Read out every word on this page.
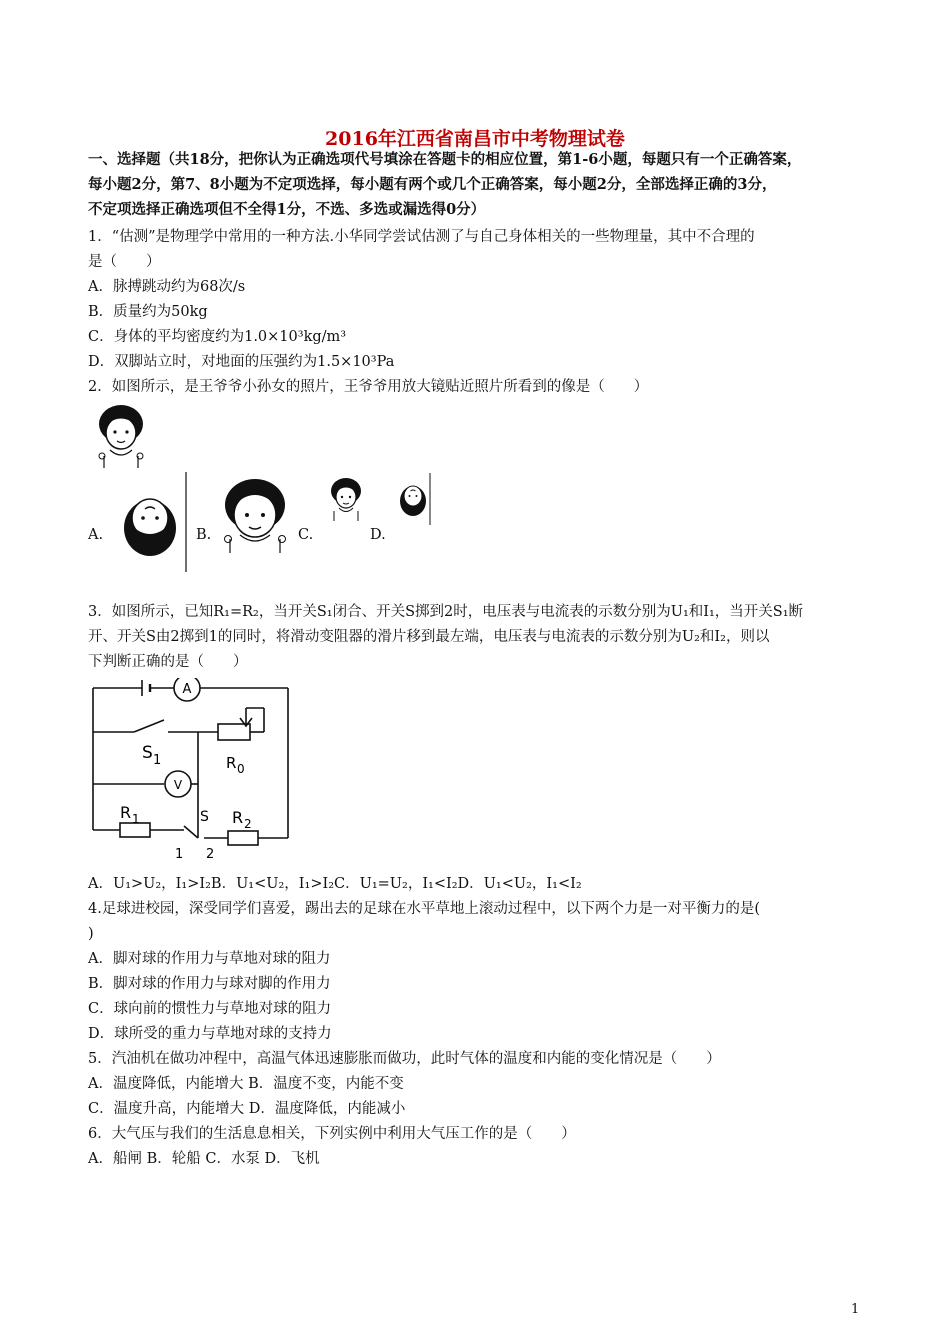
2016年江西省南昌市中考物理试卷
一、选择题（共18分，把你认为正确选项代号填涂在答题卡的相应位置，第1-6小题，每题只有一个正确答案，
每小题2分，第7、8小题为不定项选择，每小题有两个或几个正确答案，每小题2分，全部选择正确的3分，
不定项选择正确选项但不全得1分，不选、多选或漏选得0分）
1．“估测”是物理学中常用的一种方法.小华同学尝试估测了与自己身体相关的一些物理量，其中不合理的
是（　　）
A．脉搏跳动约为68次/s
B．质量约为50kg
C．身体的平均密度约为1.0×10³kg/m³
D．双脚站立时，对地面的压强约为1.5×10³Pa
2．如图所示，是王爷爷小孙女的照片，王爷爷用放大镜贴近照片所看到的像是（　　）
A.	B.	C.	D.
3．如图所示，已知R₁=R₂，当开关S₁闭合、开关S掷到2时，电压表与电流表的示数分别为U₁和I₁，当开关S₁断
开、开关S由2掷到1的同时，将滑动变阻器的滑片移到最左端，电压表与电流表的示数分别为U₂和I₂，则以
下判断正确的是（　　）
A
V
S 1	R 0
R 1	R 2
S
1 2
A．U₁>U₂，I₁>I₂B．U₁<U₂，I₁>I₂C．U₁=U₂，I₁<I₂D．U₁<U₂，I₁<I₂
4.足球进校园，深受同学们喜爱，踢出去的足球在水平草地上滚动过程中，以下两个力是一对平衡力的是(
)
A．脚对球的作用力与草地对球的阻力
B．脚对球的作用力与球对脚的作用力
C．球向前的惯性力与草地对球的阻力
D．球所受的重力与草地对球的支持力
5．汽油机在做功冲程中，高温气体迅速膨胀而做功，此时气体的温度和内能的变化情况是（　　）
A．温度降低，内能增大 B．温度不变，内能不变
C．温度升高，内能增大 D．温度降低，内能减小
6．大气压与我们的生活息息相关，下列实例中利用大气压工作的是（　　）
A．船闸 B．轮船 C．水泵 D．飞机
1
